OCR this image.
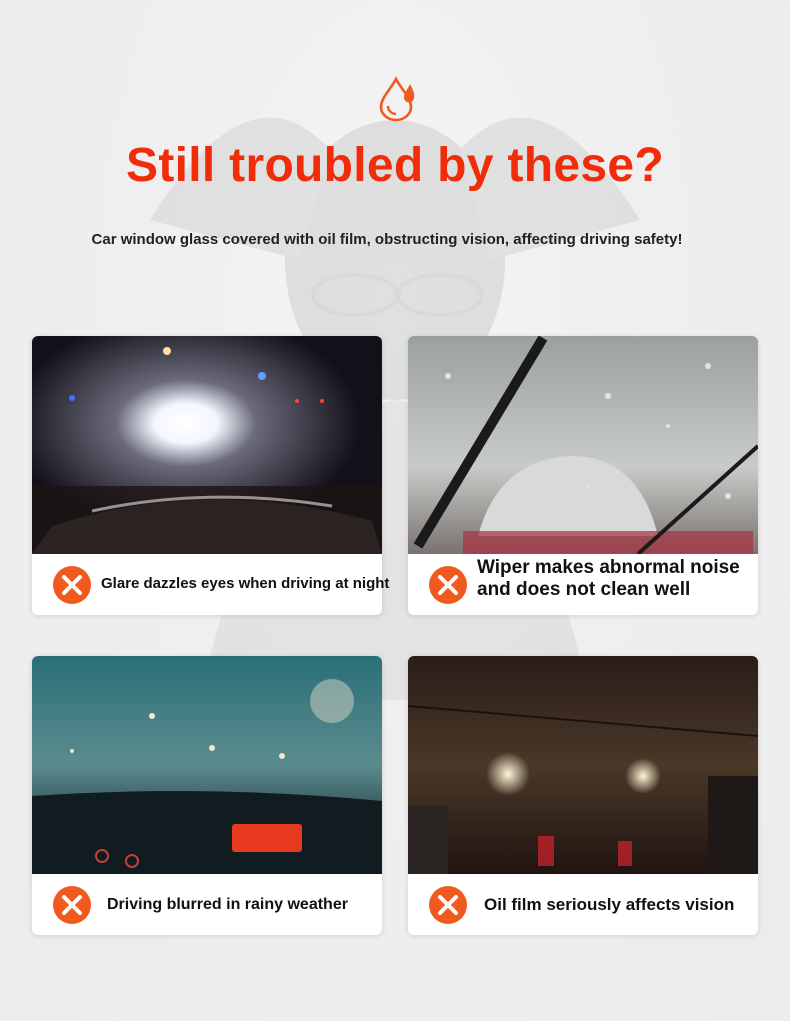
Still troubled by these?
Car window glass covered with oil film, obstructing vision, affecting driving safety!
Glare dazzles eyes when driving at night
Wiper makes abnormal noise and does not clean well
Driving blurred in rainy weather	Oil film seriously affects vision
